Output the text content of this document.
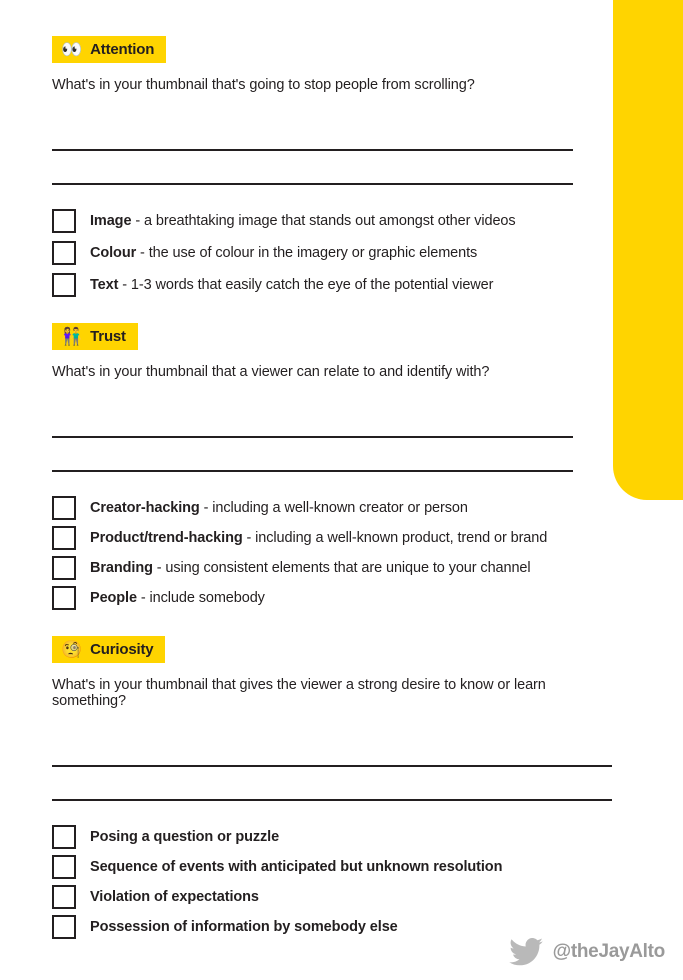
👀 Attention

What's in your thumbnail that's going to stop people from scrolling?

Image - a breathtaking image that stands out amongst other videos
Colour - the use of colour in the imagery or graphic elements
Text - 1-3 words that easily catch the eye of the potential viewer
👫 Trust

What's in your thumbnail that a viewer can relate to and identify with?

Creator-hacking - including a well-known creator or person
Product/trend-hacking - including a well-known product, trend or brand
Branding - using consistent elements that are unique to your channel
People - include somebody
🧐 Curiosity

What's in your thumbnail that gives the viewer a strong desire to know or learn something?

Posing a question or puzzle
Sequence of events with anticipated but unknown resolution
Violation of expectations
Possession of information by somebody else
@theJayAlto
